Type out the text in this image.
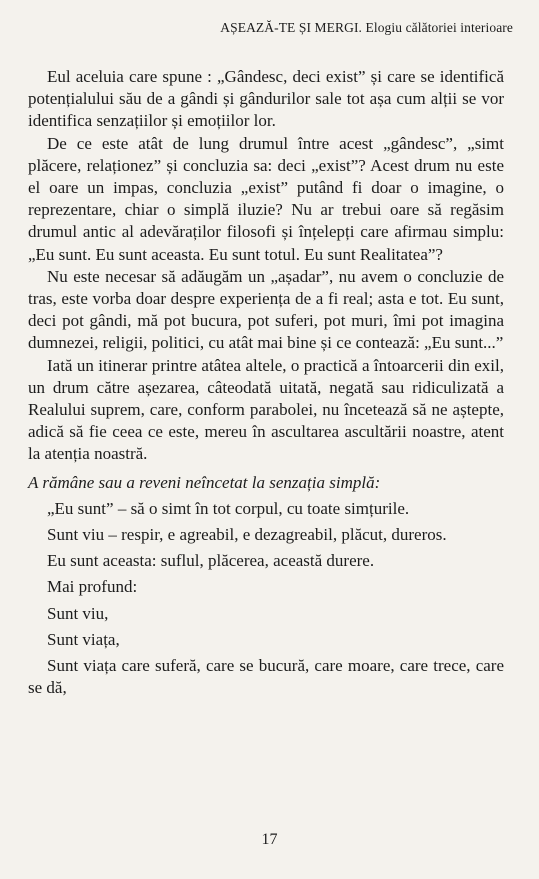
AȘEAZĂ-TE ȘI MERGI. Elogiu călătoriei interioare

Eul aceluia care spune : „Gândesc, deci exist” și care se identifică potențialului său de a gândi și gândurilor sale tot așa cum alții se vor identifica senzațiilor și emoțiilor lor.

De ce este atât de lung drumul între acest „gândesc”, „simt plăcere, relaționez” și concluzia sa: deci „exist”? Acest drum nu este el oare un impas, concluzia „exist” putând fi doar o imagine, o reprezentare, chiar o simplă iluzie? Nu ar trebui oare să regăsim drumul antic al adevăraților filosofi și înțelepți care afirmau simplu: „Eu sunt. Eu sunt aceasta. Eu sunt totul. Eu sunt Realitatea”?

Nu este necesar să adăugăm un „așadar”, nu avem o concluzie de tras, este vorba doar despre experiența de a fi real; asta e tot. Eu sunt, deci pot gândi, mă pot bucura, pot suferi, pot muri, îmi pot imagina dumnezei, religii, politici, cu atât mai bine și ce contează: „Eu sunt...”

Iată un itinerar printre atâtea altele, o practică a întoarcerii din exil, un drum către așezarea, câteodată uitată, negată sau ridiculizată a Realului suprem, care, conform parabolei, nu încetează să ne aștepte, adică să fie ceea ce este, mereu în ascultarea ascultării noastre, atent la atenția noastră.

A rămâne sau a reveni neîncetat la senzația simplă:

„Eu sunt” – să o simt în tot corpul, cu toate simțurile.

Sunt viu – respir, e agreabil, e dezagreabil, plăcut, dureros.

Eu sunt aceasta: suflul, plăcerea, această durere.

Mai profund:

Sunt viu,

Sunt viața,

Sunt viața care suferă, care se bucură, care moare, care trece, care se dă,

17
